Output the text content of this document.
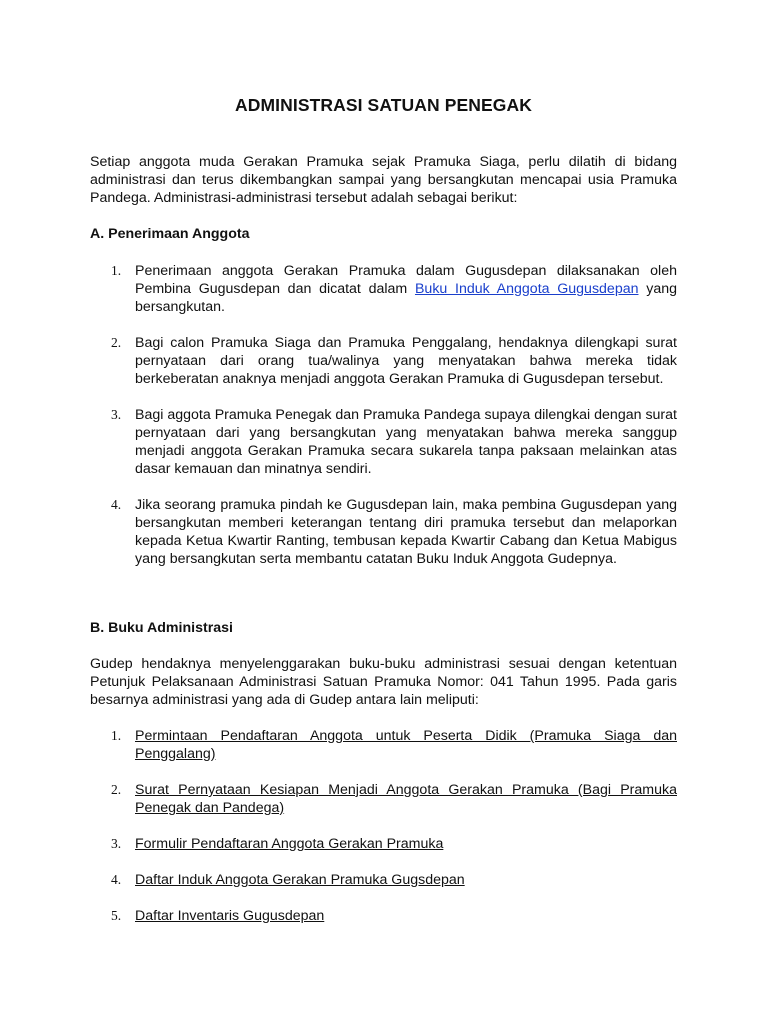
ADMINISTRASI SATUAN PENEGAK

Setiap anggota muda Gerakan Pramuka sejak Pramuka Siaga, perlu dilatih di bidang administrasi dan terus dikembangkan sampai yang bersangkutan mencapai usia Pramuka Pandega. Administrasi-administrasi tersebut adalah sebagai berikut:

A. Penerimaan Anggota
1. Penerimaan anggota Gerakan Pramuka dalam Gugusdepan dilaksanakan oleh Pembina Gugusdepan dan dicatat dalam Buku Induk Anggota Gugusdepan yang bersangkutan.
2. Bagi calon Pramuka Siaga dan Pramuka Penggalang, hendaknya dilengkapi surat pernyataan dari orang tua/walinya yang menyatakan bahwa mereka tidak berkeberatan anaknya menjadi anggota Gerakan Pramuka di Gugusdepan tersebut.
3. Bagi aggota Pramuka Penegak dan Pramuka Pandega supaya dilengkai dengan surat pernyataan dari yang bersangkutan yang menyatakan bahwa mereka sanggup menjadi anggota Gerakan Pramuka secara sukarela tanpa paksaan melainkan atas dasar kemauan dan minatnya sendiri.
4. Jika seorang pramuka pindah ke Gugusdepan lain, maka pembina Gugusdepan yang bersangkutan memberi keterangan tentang diri pramuka tersebut dan melaporkan kepada Ketua Kwartir Ranting, tembusan kepada Kwartir Cabang dan Ketua Mabigus yang bersangkutan serta membantu catatan Buku Induk Anggota Gudepnya.
B. Buku Administrasi

Gudep hendaknya menyelenggarakan buku-buku administrasi sesuai dengan ketentuan Petunjuk Pelaksanaan Administrasi Satuan Pramuka Nomor: 041 Tahun 1995. Pada garis besarnya administrasi yang ada di Gudep antara lain meliputi:

1. Permintaan Pendaftaran Anggota untuk Peserta Didik (Pramuka Siaga dan Penggalang)
2. Surat Pernyataan Kesiapan Menjadi Anggota Gerakan Pramuka (Bagi Pramuka Penegak dan Pandega)
3. Formulir Pendaftaran Anggota Gerakan Pramuka
4. Daftar Induk Anggota Gerakan Pramuka Gugsdepan
5. Daftar Inventaris Gugusdepan
